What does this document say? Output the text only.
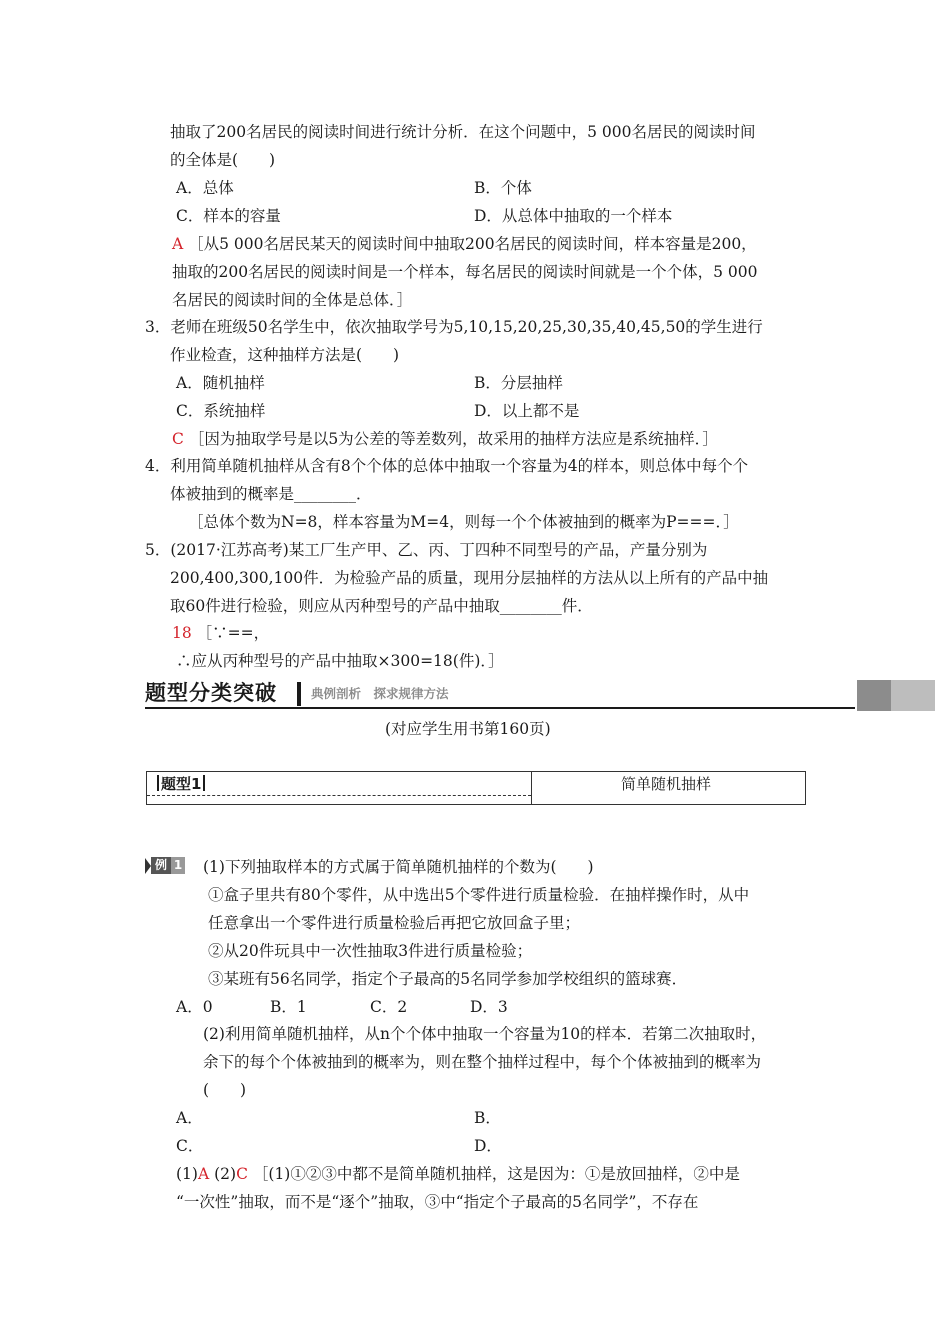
抽取了200名居民的阅读时间进行统计分析．在这个问题中，5 000名居民的阅读时间
的全体是(　　)
A．总体	B．个体
C．样本的容量	D．从总体中抽取的一个样本
A ［从5 000名居民某天的阅读时间中抽取200名居民的阅读时间，样本容量是200，
抽取的200名居民的阅读时间是一个样本，每名居民的阅读时间就是一个个体，5 000
名居民的阅读时间的全体是总体．］
3．老师在班级50名学生中，依次抽取学号为5,10,15,20,25,30,35,40,45,50的学生进行
作业检查，这种抽样方法是(　　)
A．随机抽样	B．分层抽样
C．系统抽样	D．以上都不是
C ［因为抽取学号是以5为公差的等差数列，故采用的抽样方法应是系统抽样．］
4．利用简单随机抽样从含有8个个体的总体中抽取一个容量为4的样本，则总体中每个个
体被抽到的概率是________．
［总体个数为N=8，样本容量为M=4，则每一个个体被抽到的概率为P===．］
5．(2017·江苏高考)某工厂生产甲、乙、丙、丁四种不同型号的产品，产量分别为
200,400,300,100件．为检验产品的质量，现用分层抽样的方法从以上所有的产品中抽
取60件进行检验，则应从丙种型号的产品中抽取________件．
18 ［∵==，
∴应从丙种型号的产品中抽取×300=18(件)．］
题型分类突破	典例剖析　探求规律方法
(对应学生用书第160页)
题型1	简单随机抽样
例 1 (1)下列抽取样本的方式属于简单随机抽样的个数为(　　)
①盒子里共有80个零件，从中选出5个零件进行质量检验．在抽样操作时，从中
任意拿出一个零件进行质量检验后再把它放回盒子里；
②从20件玩具中一次性抽取3件进行质量检验；
③某班有56名同学，指定个子最高的5名同学参加学校组织的篮球赛．
A．0	B．1	C．2	D．3
(2)利用简单随机抽样，从n个个体中抽取一个容量为10的样本．若第二次抽取时，
余下的每个个体被抽到的概率为，则在整个抽样过程中，每个个体被抽到的概率为
(　　)
A．	B．
C．	D．
(1)A (2)C ［(1)①②③中都不是简单随机抽样，这是因为：①是放回抽样，②中是
“一次性”抽取，而不是“逐个”抽取，③中“指定个子最高的5名同学”，不存在
